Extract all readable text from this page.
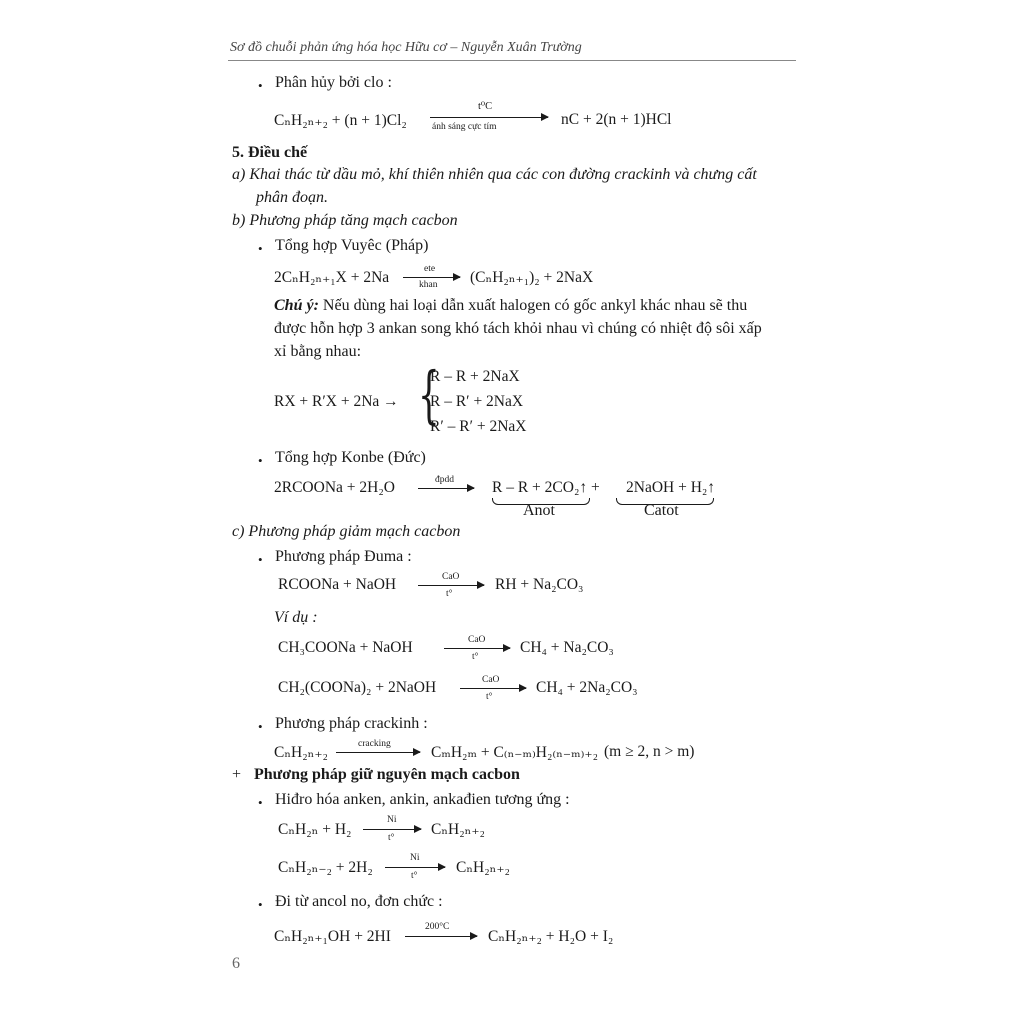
Sơ đồ chuỗi phản ứng hóa học Hữu cơ – Nguyễn Xuân Trường
• Phân hủy bởi clo :
CₙH₂ₙ₊₂ + (n + 1)Cl₂
t⁰C
ánh sáng cực tím	nC + 2(n + 1)HCl
5. Điều chế
a) Khai thác từ dầu mỏ, khí thiên nhiên qua các con đường crackinh và chưng cất
phân đoạn.
b) Phương pháp tăng mạch cacbon
• Tổng hợp Vuyêc (Pháp)
2CₙH₂ₙ₊₁X + 2Na	ete
khan (CₙH₂ₙ₊₁)₂ + 2NaX
Chú ý: Nếu dùng hai loại dẫn xuất halogen có gốc ankyl khác nhau sẽ thu
được hỗn hợp 3 ankan song khó tách khỏi nhau vì chúng có nhiệt độ sôi xấp
xỉ bằng nhau:
RX + R′X + 2Na → {
R – R + 2NaX
R – R′ + 2NaX
R′ – R′ + 2NaX
• Tổng hợp Konbe (Đức)
2RCOONa + 2H₂O	đpdd → R – R + 2CO₂↑ + 2NaOH + H₂↑
Anot	Catot
c) Phương pháp giảm mạch cacbon
• Phương pháp Đuma :
RCOONa + NaOH	CaO
t°
RH + Na₂CO₃
Ví dụ :
CH₃COONa + NaOH	CaO
t°
CH₄ + Na₂CO₃
CH₂(COONa)₂ + 2NaOH	CaO
t°
CH₄ + 2Na₂CO₃
• Phương pháp crackinh :
CₙH₂ₙ₊₂	cracking	CₘH₂ₘ + C₍ₙ₋ₘ₎H₂₍ₙ₋ₘ₎₊₂ (m ≥ 2, n > m)
+ Phương pháp giữ nguyên mạch cacbon
• Hiđro hóa anken, ankin, ankađien tương ứng :
CₙH₂ₙ + H₂
Ni
t° CₙH₂ₙ₊₂
CₙH₂ₙ₋₂ + 2H₂
Ni
t° CₙH₂ₙ₊₂
• Đi từ ancol no, đơn chức :
CₙH₂ₙ₊₁OH + 2HI
200°C
CₙH₂ₙ₊₂ + H₂O + I₂
6
